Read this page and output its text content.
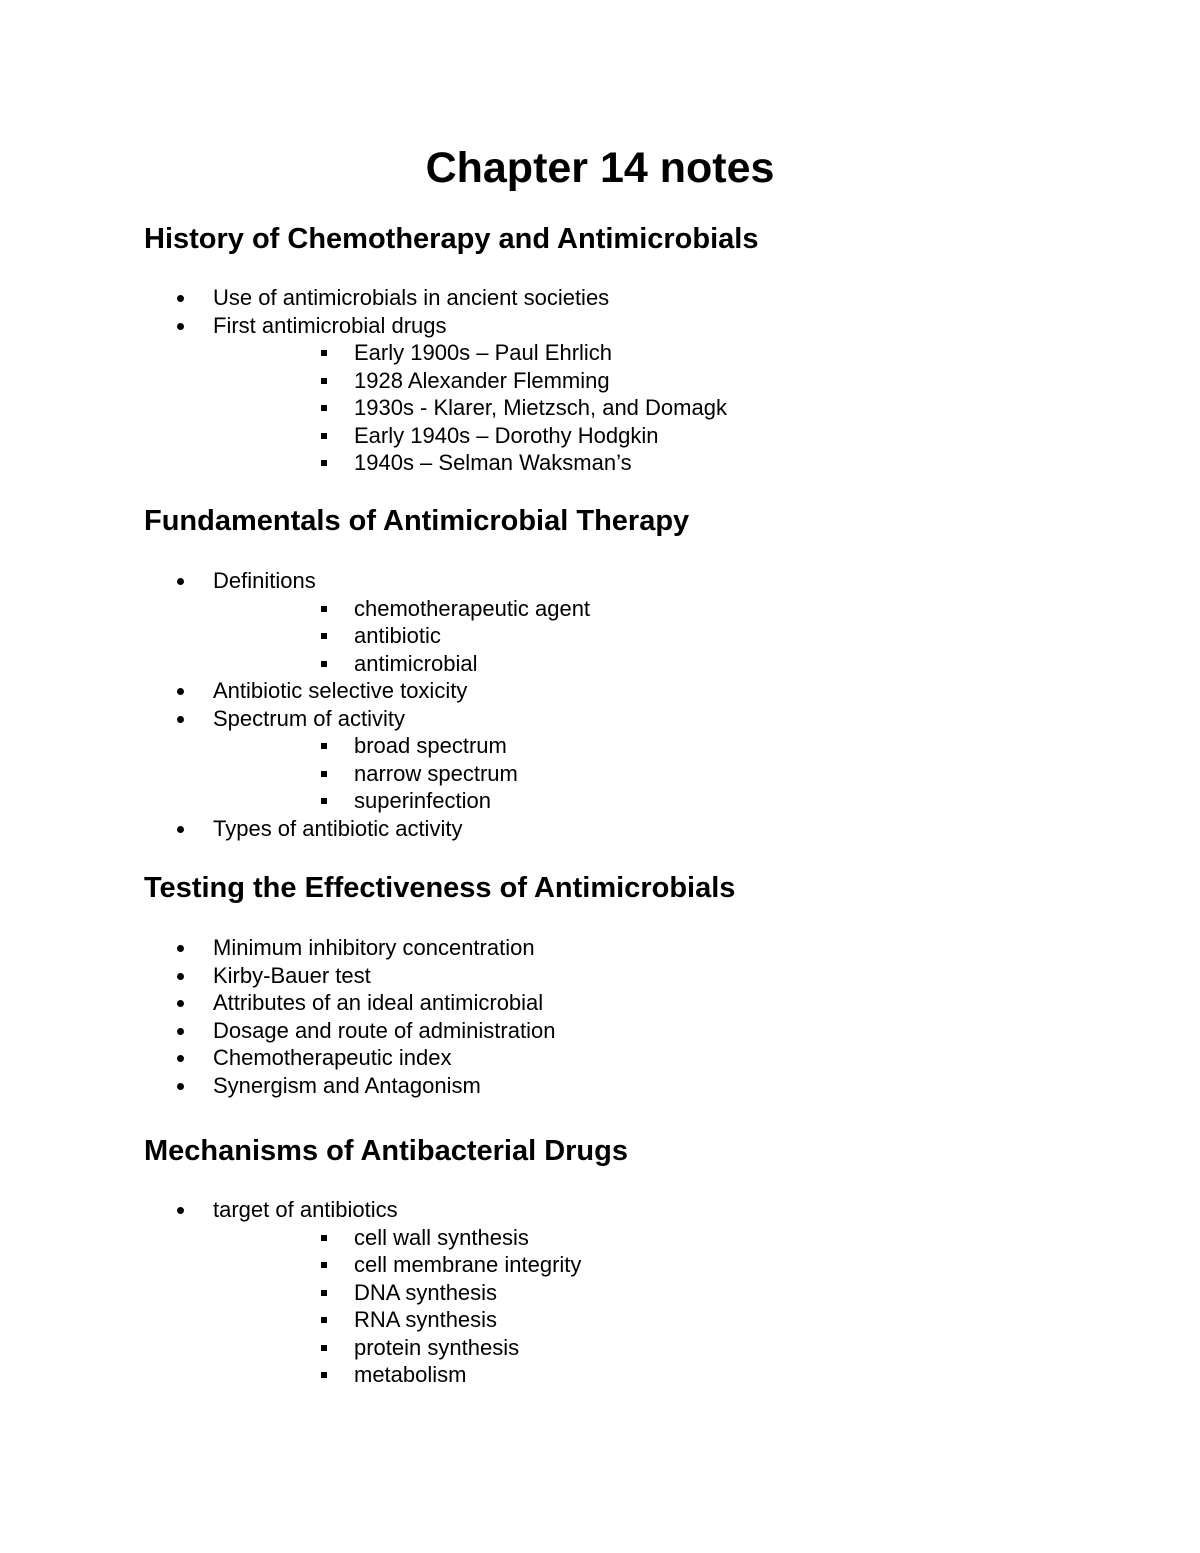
Chapter 14 notes
History of Chemotherapy and Antimicrobials
Use of antimicrobials in ancient societies
First antimicrobial drugs
Early 1900s – Paul Ehrlich
1928 Alexander Flemming
1930s - Klarer, Mietzsch, and Domagk
Early 1940s – Dorothy Hodgkin
1940s – Selman Waksman’s
Fundamentals of Antimicrobial Therapy
Definitions
chemotherapeutic agent
antibiotic
antimicrobial
Antibiotic selective toxicity
Spectrum of activity
broad spectrum
narrow spectrum
superinfection
Types of antibiotic activity
Testing the Effectiveness of Antimicrobials
Minimum inhibitory concentration
Kirby-Bauer test
Attributes of an ideal antimicrobial
Dosage and route of administration
Chemotherapeutic index
Synergism and Antagonism
Mechanisms of Antibacterial Drugs
target of antibiotics
cell wall synthesis
cell membrane integrity
DNA synthesis
RNA synthesis
protein synthesis
metabolism
